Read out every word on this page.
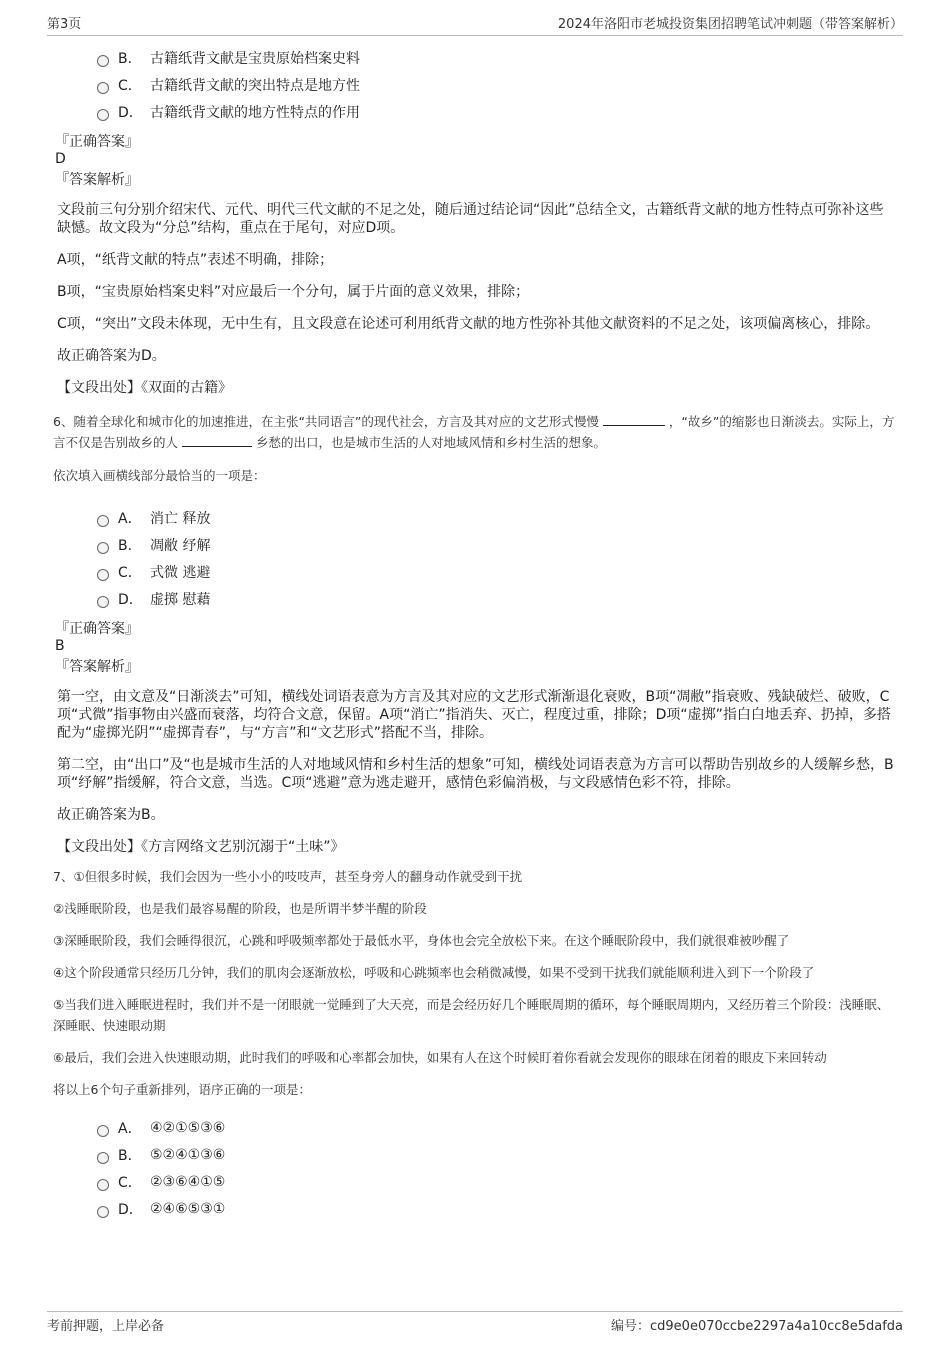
第3页	2024年洛阳市老城投资集团招聘笔试冲刺题（带答案解析）
B． 古籍纸背文献是宝贵原始档案史料
C． 古籍纸背文献的突出特点是地方性
D． 古籍纸背文献的地方性特点的作用
『正确答案』
D
『答案解析』
文段前三句分别介绍宋代、元代、明代三代文献的不足之处，随后通过结论词“因此”总结全文，古籍纸背文献的地方性特点可弥补这些缺憾。故文段为“分总”结构，重点在于尾句，对应D项。
A项，“纸背文献的特点”表述不明确，排除；
B项，“宝贵原始档案史料”对应最后一个分句，属于片面的意义效果，排除；
C项，“突出”文段未体现，无中生有，且文段意在论述可利用纸背文献的地方性弥补其他文献资料的不足之处，该项偏离核心，排除。
故正确答案为D。
【文段出处】《双面的古籍》
6、随着全球化和城市化的加速推进，在主张“共同语言”的现代社会，方言及其对应的文艺形式慢慢	，“故乡”的缩影也日渐淡去。实际上，方言不仅是告别故乡的人	乡愁的出口，也是城市生活的人对地域风情和乡村生活的想象。
依次填入画横线部分最恰当的一项是：
A． 消亡 释放
B． 凋敝 纾解
C． 式微 逃避
D． 虚掷 慰藉
『正确答案』
B
『答案解析』
第一空，由文意及“日渐淡去”可知，横线处词语表意为方言及其对应的文艺形式渐渐退化衰败，B项“凋敝”指衰败、残缺破烂、破败，C项“式微”指事物由兴盛而衰落，均符合文意，保留。A项“消亡”指消失、灭亡，程度过重，排除；D项“虚掷”指白白地丢弃、扔掉，多搭配为“虚掷光阴”“虚掷青春”，与“方言”和“文艺形式”搭配不当，排除。
第二空，由“出口”及“也是城市生活的人对地域风情和乡村生活的想象”可知，横线处词语表意为方言可以帮助告别故乡的人缓解乡愁，B项“纾解”指缓解，符合文意，当选。C项“逃避”意为逃走避开，感情色彩偏消极，与文段感情色彩不符，排除。
故正确答案为B。
【文段出处】《方言网络文艺别沉溺于“土味”》
7、①但很多时候，我们会因为一些小小的吱吱声，甚至身旁人的翻身动作就受到干扰
②浅睡眠阶段，也是我们最容易醒的阶段，也是所谓半梦半醒的阶段
③深睡眠阶段，我们会睡得很沉，心跳和呼吸频率都处于最低水平，身体也会完全放松下来。在这个睡眠阶段中，我们就很难被吵醒了
④这个阶段通常只经历几分钟，我们的肌肉会逐渐放松，呼吸和心跳频率也会稍微减慢，如果不受到干扰我们就能顺利进入到下一个阶段了
⑤当我们进入睡眠进程时，我们并不是一闭眼就一觉睡到了大天亮，而是会经历好几个睡眠周期的循环，每个睡眠周期内，又经历着三个阶段：浅睡眠、深睡眠、快速眼动期
⑥最后，我们会进入快速眼动期，此时我们的呼吸和心率都会加快，如果有人在这个时候盯着你看就会发现你的眼球在闭着的眼皮下来回转动
将以上6个句子重新排列，语序正确的一项是：
A． ④②①⑤③⑥
B． ⑤②④①③⑥
C． ②③⑥④①⑤
D． ②④⑥⑤③①
考前押题，上岸必备	编号：cd9e0e070ccbe2297a4a10cc8e5dafda
